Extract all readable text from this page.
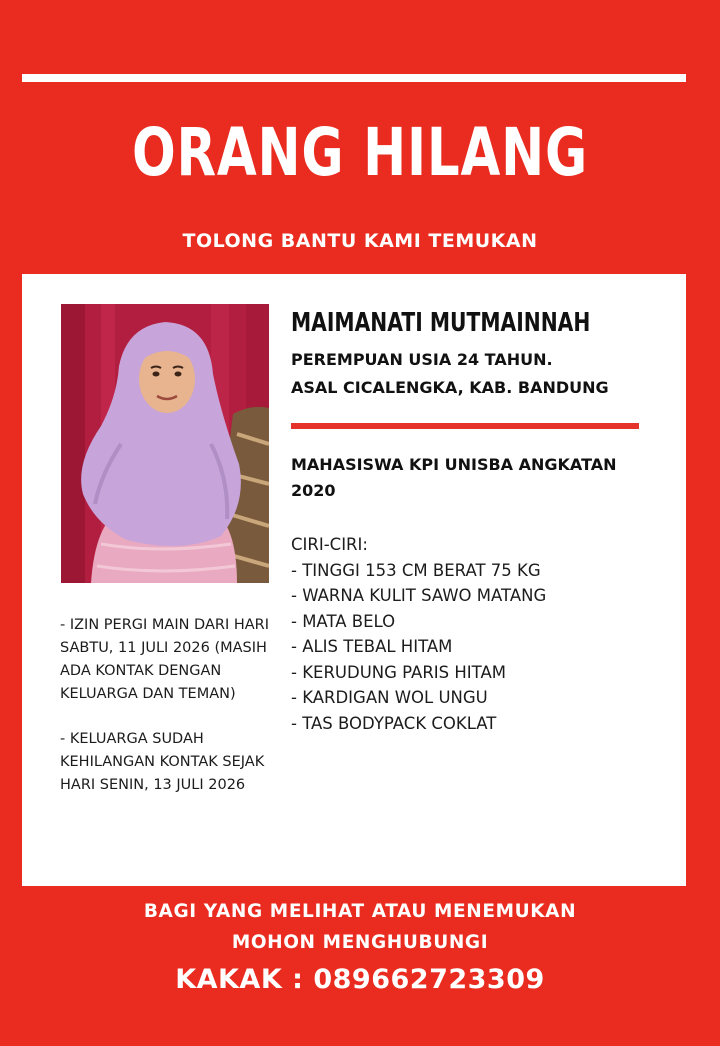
ORANG HILANG
TOLONG BANTU KAMI TEMUKAN

- IZIN PERGI MAIN DARI HARI SABTU, 11 JULI 2026 (MASIH ADA KONTAK DENGAN KELUARGA DAN TEMAN)

- KELUARGA SUDAH KEHILANGAN KONTAK SEJAK HARI SENIN, 13 JULI 2026

MAIMANATI MUTMAINNAH
PEREMPUAN USIA 24 TAHUN.
ASAL CICALENGKA, KAB. BANDUNG
MAHASISWA KPI UNISBA ANGKATAN 2020
CIRI-CIRI:
- TINGGI 153 CM BERAT 75 KG
- WARNA KULIT SAWO MATANG
- MATA BELO
- ALIS TEBAL HITAM
- KERUDUNG PARIS HITAM
- KARDIGAN WOL UNGU
- TAS BODYPACK COKLAT
BAGI YANG MELIHAT ATAU MENEMUKAN
MOHON MENGHUBUNGI
KAKAK : 089662723309
